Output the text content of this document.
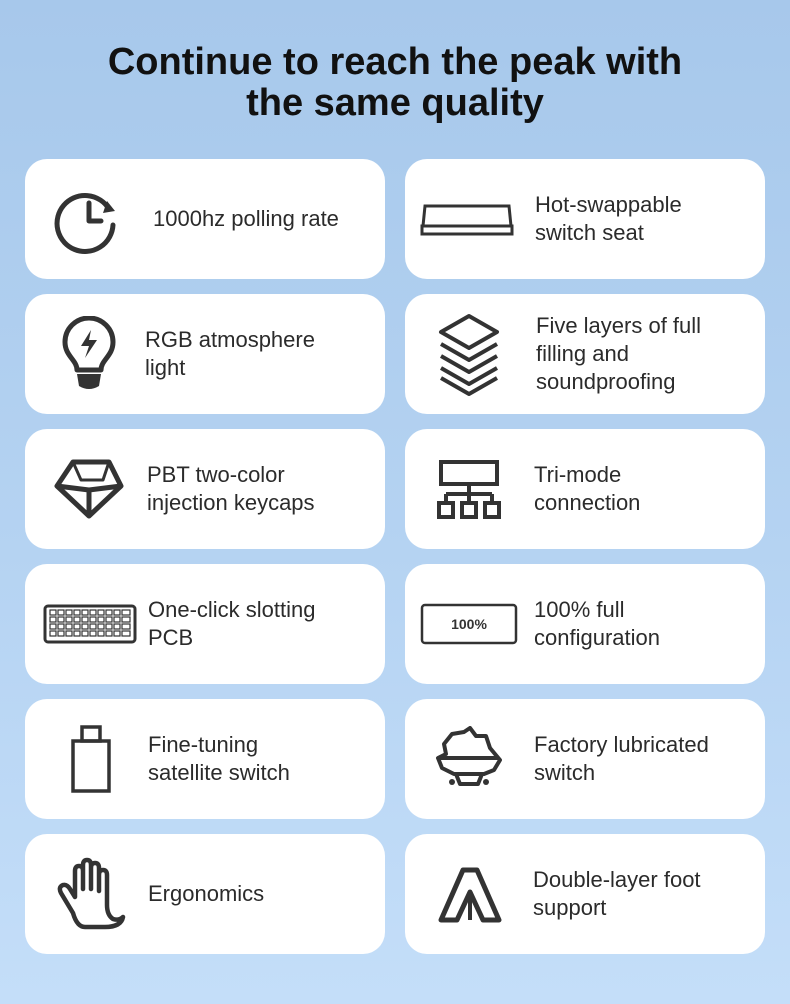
Continue to reach the peak with
the same quality
1000hz polling rate
Hot-swappable
switch seat
RGB atmosphere
light
Five layers of full
filling and
soundproofing
PBT two-color
injection keycaps
Tri-mode
connection
One-click slotting
PCB
100%
100% full
configuration
Fine-tuning
satellite switch
Factory lubricated
switch
Ergonomics
Double-layer foot
support
